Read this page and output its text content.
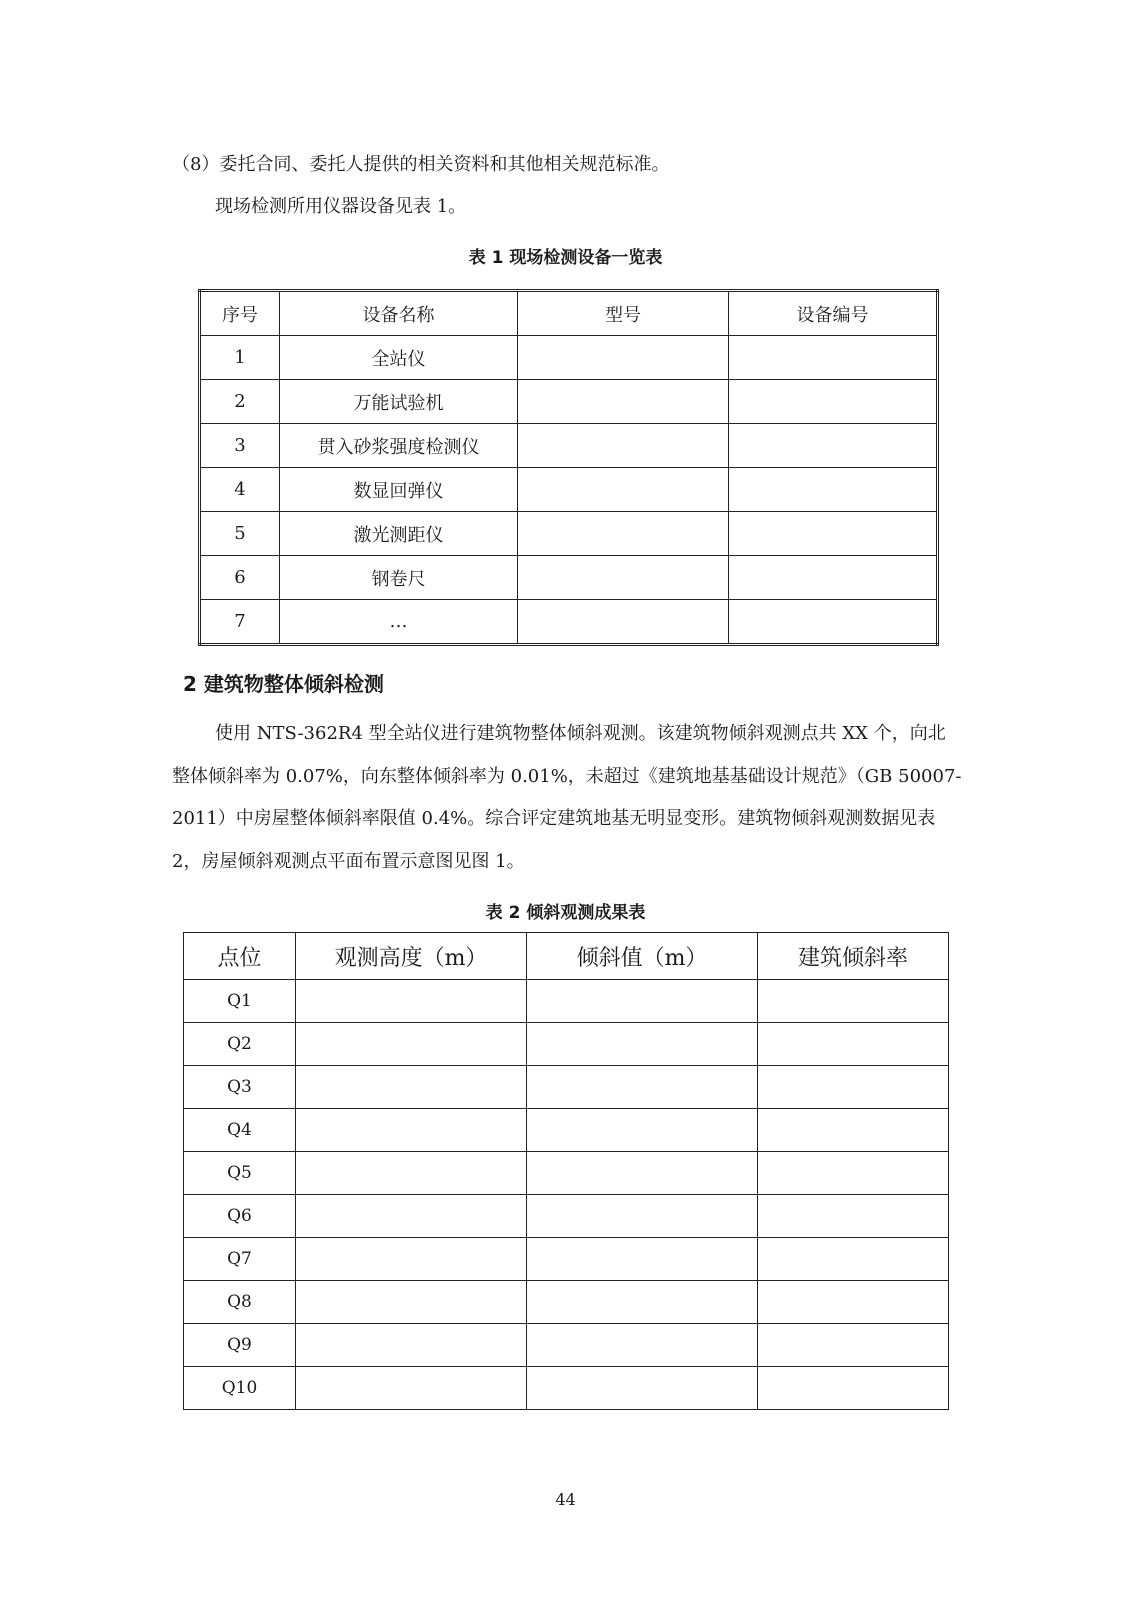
（8）委托合同、委托人提供的相关资料和其他相关规范标准。

现场检测所用仪器设备见表 1。

表 1 现场检测设备一览表

序号	设备名称	型号	设备编号
1	全站仪		
2	万能试验机		
3	贯入砂浆强度检测仪		
4	数显回弹仪		
5	激光测距仪		
6	钢卷尺		
7	…		
2 建筑物整体倾斜检测

使用 NTS-362R4 型全站仪进行建筑物整体倾斜观测。该建筑物倾斜观测点共 XX 个，向北整体倾斜率为 0.07%，向东整体倾斜率为 0.01%，未超过《建筑地基基础设计规范》（GB 50007-2011）中房屋整体倾斜率限值 0.4%。综合评定建筑地基无明显变形。建筑物倾斜观测数据见表 2，房屋倾斜观测点平面布置示意图见图 1。

表 2 倾斜观测成果表

点位	观测高度（m）	倾斜值（m）	建筑倾斜率
Q1			
Q2			
Q3			
Q4			
Q5			
Q6			
Q7			
Q8			
Q9			
Q10			

44
